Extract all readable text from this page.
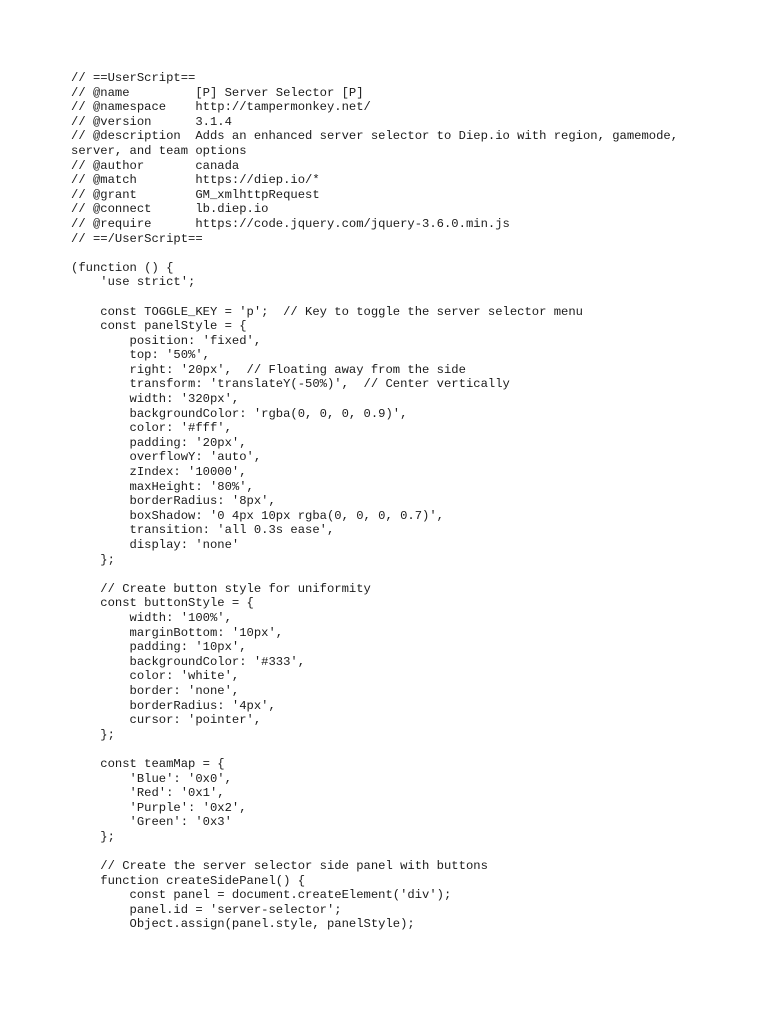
// ==UserScript==
// @name         [P] Server Selector [P]
// @namespace    http://tampermonkey.net/
// @version      3.1.4
// @description  Adds an enhanced server selector to Diep.io with region, gamemode,
server, and team options
// @author       canada
// @match        https://diep.io/*
// @grant        GM_xmlhttpRequest
// @connect      lb.diep.io
// @require      https://code.jquery.com/jquery-3.6.0.min.js
// ==/UserScript==
(function () {
'use strict';
const TOGGLE_KEY = 'p';  // Key to toggle the server selector menu
const panelStyle = {
position: 'fixed',
top: '50%',
right: '20px',  // Floating away from the side
transform: 'translateY(-50%)',  // Center vertically
width: '320px',
backgroundColor: 'rgba(0, 0, 0, 0.9)',
color: '#fff',
padding: '20px',
overflowY: 'auto',
zIndex: '10000',
maxHeight: '80%',
borderRadius: '8px',
boxShadow: '0 4px 10px rgba(0, 0, 0, 0.7)',
transition: 'all 0.3s ease',
display: 'none'
};
// Create button style for uniformity
const buttonStyle = {
width: '100%',
marginBottom: '10px',
padding: '10px',
backgroundColor: '#333',
color: 'white',
border: 'none',
borderRadius: '4px',
cursor: 'pointer',
};
const teamMap = {
'Blue': '0x0',
'Red': '0x1',
'Purple': '0x2',
'Green': '0x3'
};
// Create the server selector side panel with buttons
function createSidePanel() {
const panel = document.createElement('div');
panel.id = 'server-selector';
Object.assign(panel.style, panelStyle);
